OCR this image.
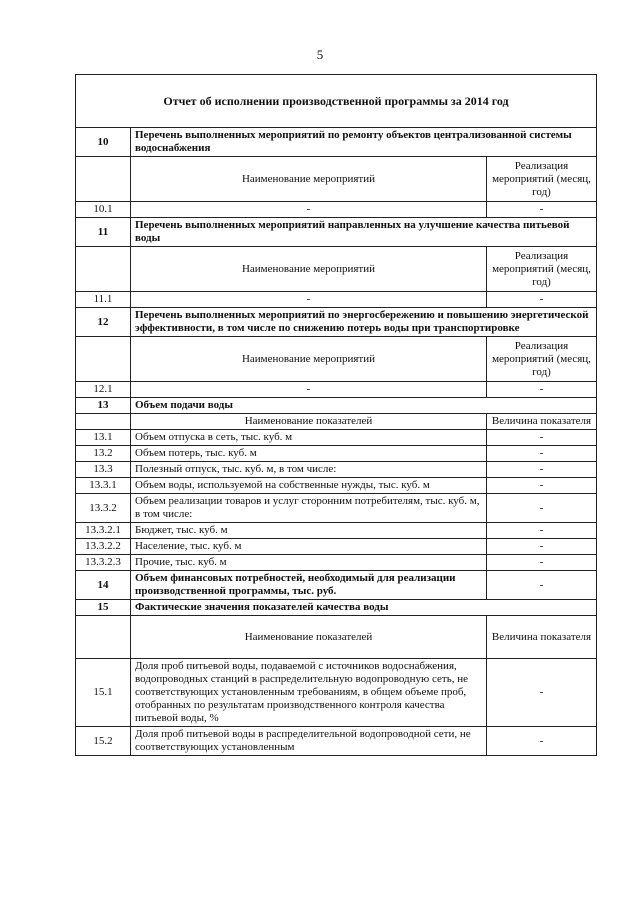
5
Отчет об исполнении производственной программы за 2014 год		
10	Перечень выполненных мероприятий по ремонту объектов централизованной системы водоснабжения	
	Наименование мероприятий	Реализация мероприятий (месяц, год)
10.1	-	-
11	Перечень выполненных мероприятий направленных на улучшение качества питьевой воды	
	Наименование мероприятий	Реализация мероприятий (месяц, год)
11.1	-	-
12	Перечень выполненных мероприятий по энергосбережению и повышению энергетической эффективности, в том числе по снижению потерь воды при транспортировке	
	Наименование мероприятий	Реализация мероприятий (месяц, год)
12.1	-	-
13	Объем подачи воды	
	Наименование показателей	Величина показателя
13.1	Объем отпуска в сеть, тыс. куб. м	-
13.2	Объем потерь, тыс. куб. м	-
13.3	Полезный отпуск, тыс. куб. м, в том числе:	-
13.3.1	Объем воды, используемой на собственные нужды, тыс. куб. м	-
13.3.2	Объем реализации товаров и услуг сторонним потребителям, тыс. куб. м, в том числе:	-
13.3.2.1	Бюджет, тыс. куб. м	-
13.3.2.2	Население, тыс. куб. м	-
13.3.2.3	Прочие, тыс. куб. м	-
14	Объем финансовых потребностей, необходимый для реализации производственной программы, тыс. руб.	-
15	Фактические значения показателей качества воды	
	Наименование показателей	Величина показателя
15.1	Доля проб питьевой воды, подаваемой с источников водоснабжения, водопроводных станций в распределительную водопроводную сеть, не соответствующих установленным требованиям, в общем объеме проб, отобранных по результатам производственного контроля качества питьевой воды, %	-
15.2	Доля проб питьевой воды в распределительной водопроводной сети, не соответствующих установленным	-
